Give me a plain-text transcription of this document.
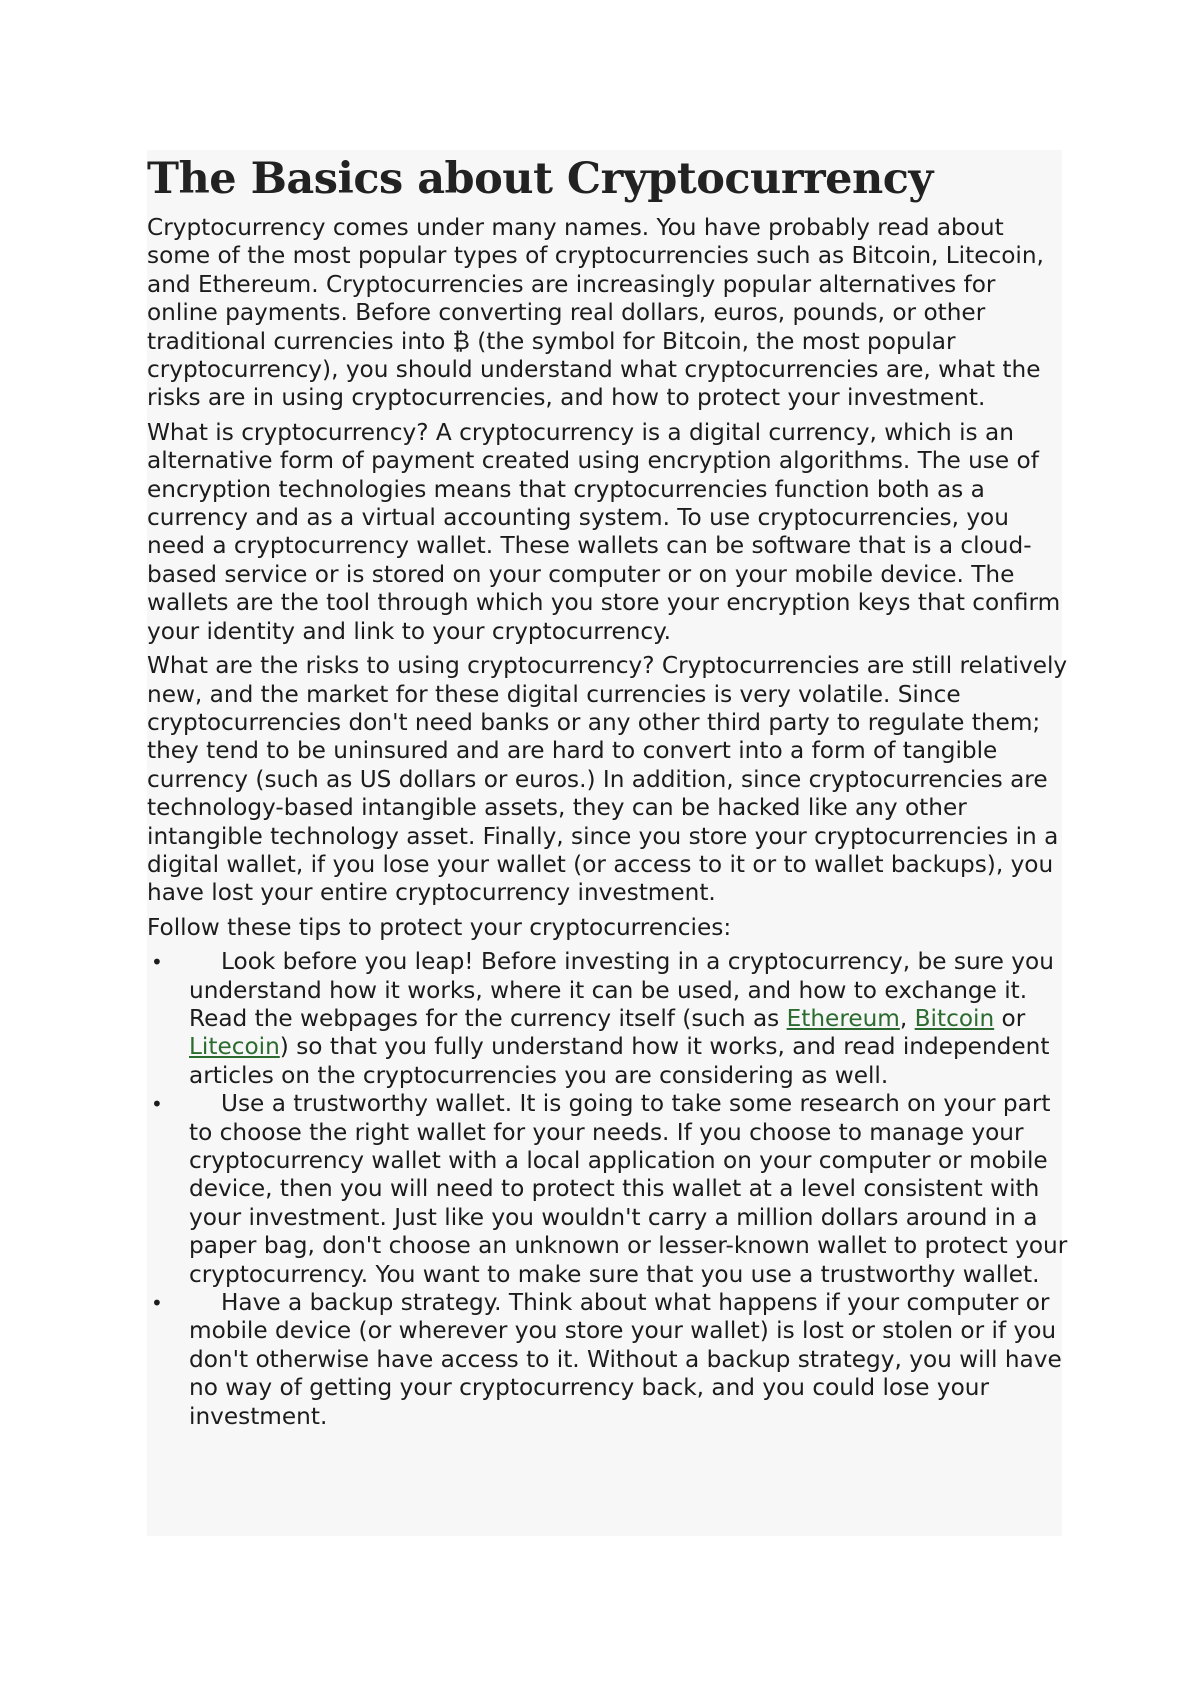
The Basics about Cryptocurrency

Cryptocurrency comes under many names. You have probably read about some of the most popular types of cryptocurrencies such as Bitcoin, Litecoin, and Ethereum. Cryptocurrencies are increasingly popular alternatives for online payments. Before converting real dollars, euros, pounds, or other traditional currencies into ₿ (the symbol for Bitcoin, the most popular cryptocurrency), you should understand what cryptocurrencies are, what the risks are in using cryptocurrencies, and how to protect your investment.

What is cryptocurrency? A cryptocurrency is a digital currency, which is an alternative form of payment created using encryption algorithms. The use of encryption technologies means that cryptocurrencies function both as a currency and as a virtual accounting system. To use cryptocurrencies, you need a cryptocurrency wallet. These wallets can be software that is a cloud-based service or is stored on your computer or on your mobile device. The wallets are the tool through which you store your encryption keys that confirm your identity and link to your cryptocurrency.

What are the risks to using cryptocurrency? Cryptocurrencies are still relatively new, and the market for these digital currencies is very volatile. Since cryptocurrencies don't need banks or any other third party to regulate them; they tend to be uninsured and are hard to convert into a form of tangible currency (such as US dollars or euros.) In addition, since cryptocurrencies are technology-based intangible assets, they can be hacked like any other intangible technology asset. Finally, since you store your cryptocurrencies in a digital wallet, if you lose your wallet (or access to it or to wallet backups), you have lost your entire cryptocurrency investment.

Follow these tips to protect your cryptocurrencies:

•	Look before you leap! Before investing in a cryptocurrency, be sure you understand how it works, where it can be used, and how to exchange it. Read the webpages for the currency itself (such as Ethereum, Bitcoin or Litecoin) so that you fully understand how it works, and read independent articles on the cryptocurrencies you are considering as well.
•	Use a trustworthy wallet. It is going to take some research on your part to choose the right wallet for your needs. If you choose to manage your cryptocurrency wallet with a local application on your computer or mobile device, then you will need to protect this wallet at a level consistent with your investment. Just like you wouldn't carry a million dollars around in a paper bag, don't choose an unknown or lesser-known wallet to protect your cryptocurrency. You want to make sure that you use a trustworthy wallet.
•	Have a backup strategy. Think about what happens if your computer or mobile device (or wherever you store your wallet) is lost or stolen or if you don't otherwise have access to it. Without a backup strategy, you will have no way of getting your cryptocurrency back, and you could lose your investment.
